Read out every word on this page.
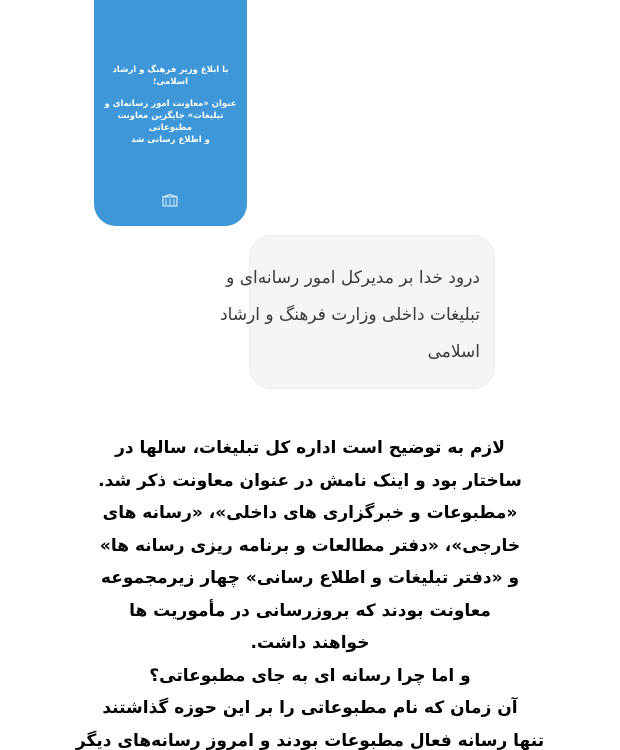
با ابلاغ وزیر فرهنگ و ارشاد اسلامی؛
عنوان «معاونت امور رسانه‌ای و
تبلیغات» جایگزین معاونت مطبوعاتی
و اطلاع رسانی شد
درود خدا بر مدیرکل امور رسانه‌ای و
تبلیغات داخلی وزارت فرهنگ و ارشاد
اسلامی
لازم به توضیح است اداره کل تبلیغات، سالها در
ساختار بود و اینک نامش در عنوان معاونت ذکر شد.
«مطبوعات و خبرگزاری های داخلی»، «رسانه های
خارجی»، «دفتر مطالعات و برنامه ریزی رسانه ها»
و «دفتر تبلیغات و اطلاع رسانی» چهار زیرمجموعه
معاونت بودند که بروزرسانی در مأموریت ها
خواهند داشت.
و اما چرا رسانه ای به جای مطبوعاتی؟
آن زمان که نام مطبوعاتی را بر این حوزه گذاشتند
تنها رسانه فعال مطبوعات بودند و امروز رسانه‌های دیگر
